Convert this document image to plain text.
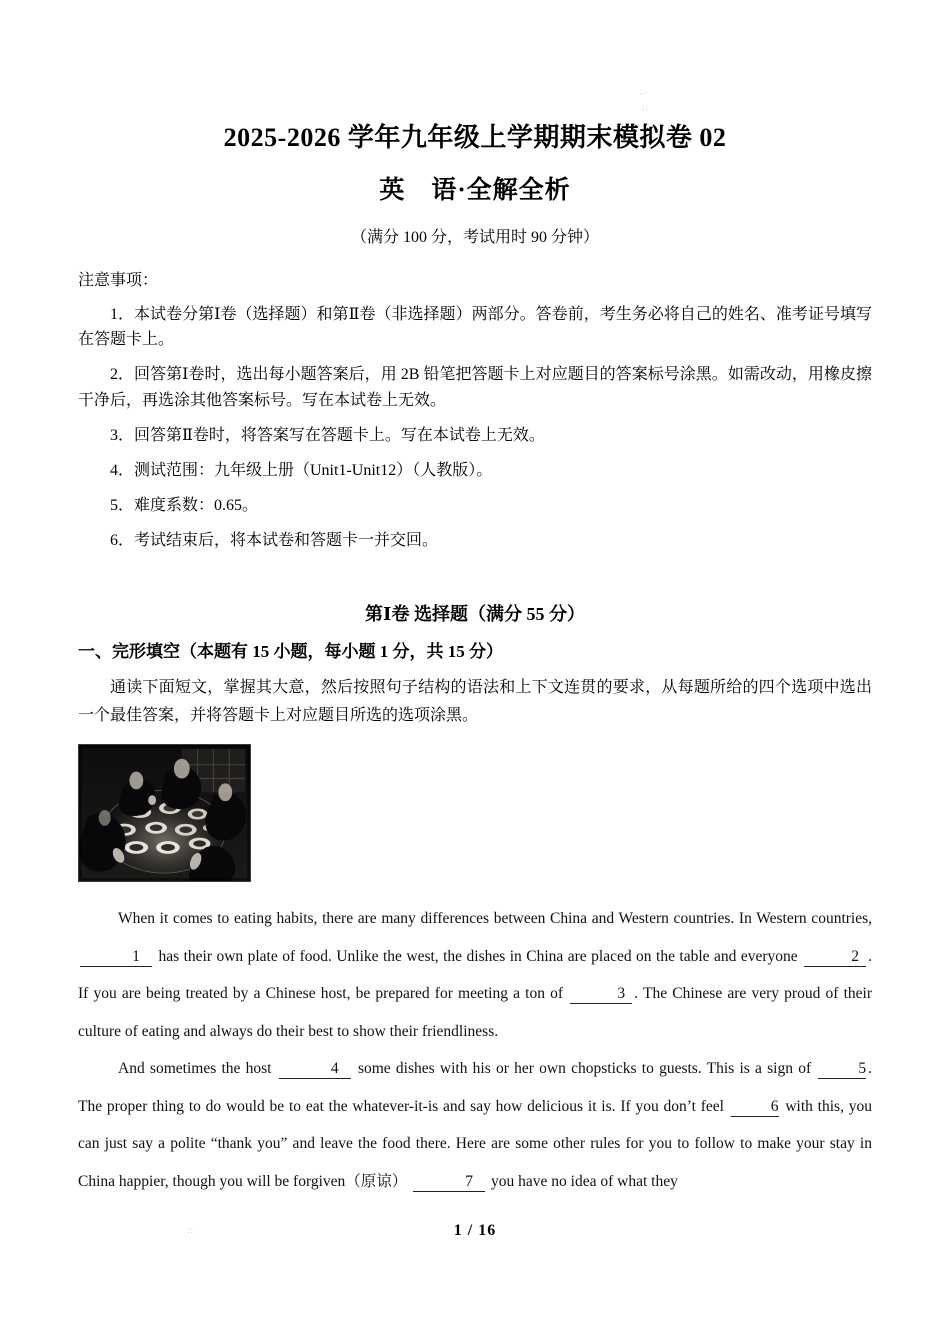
∷
∷
∷
2025-2026 学年九年级上学期期末模拟卷 02
英　语·全解全析

（满分 100 分，考试用时 90 分钟）

注意事项：

1．本试卷分第Ⅰ卷（选择题）和第Ⅱ卷（非选择题）两部分。答卷前，考生务必将自己的姓名、准考证号填写在答题卡上。

2．回答第Ⅰ卷时，选出每小题答案后，用 2B 铅笔把答题卡上对应题目的答案标号涂黑。如需改动，用橡皮擦干净后，再选涂其他答案标号。写在本试卷上无效。

3．回答第Ⅱ卷时，将答案写在答题卡上。写在本试卷上无效。

4．测试范围：九年级上册（Unit1-Unit12）（人教版）。

5．难度系数：0.65。

6．考试结束后，将本试卷和答题卡一并交回。

第Ⅰ卷 选择题（满分 55 分）

一、完形填空（本题有 15 小题，每小题 1 分，共 15 分）

通读下面短文，掌握其大意，然后按照句子结构的语法和上下文连贯的要求，从每题所给的四个选项中选出一个最佳答案，并将答题卡上对应题目所选的选项涂黑。

When it comes to eating habits, there are many differences between China and Western countries. In Western countries, 1 has their own plate of food. Unlike the west, the dishes in China are placed on the table and everyone	2 . If you are being treated by a Chinese host, be prepared for meeting a ton of	3 . The Chinese are very proud of their culture of eating and always do their best to show their friendliness.

And sometimes the host	4 some dishes with his or her own chopsticks to guests. This is a sign of	5 . The proper thing to do would be to eat the whatever-it-is and say how delicious it is. If you don’t feel	6 with this, you can just say a polite “thank you” and leave the food there. Here are some other rules for you to follow to make your stay in China happier, though you will be forgiven（原谅）	7 you have no idea of what they

1 / 16
